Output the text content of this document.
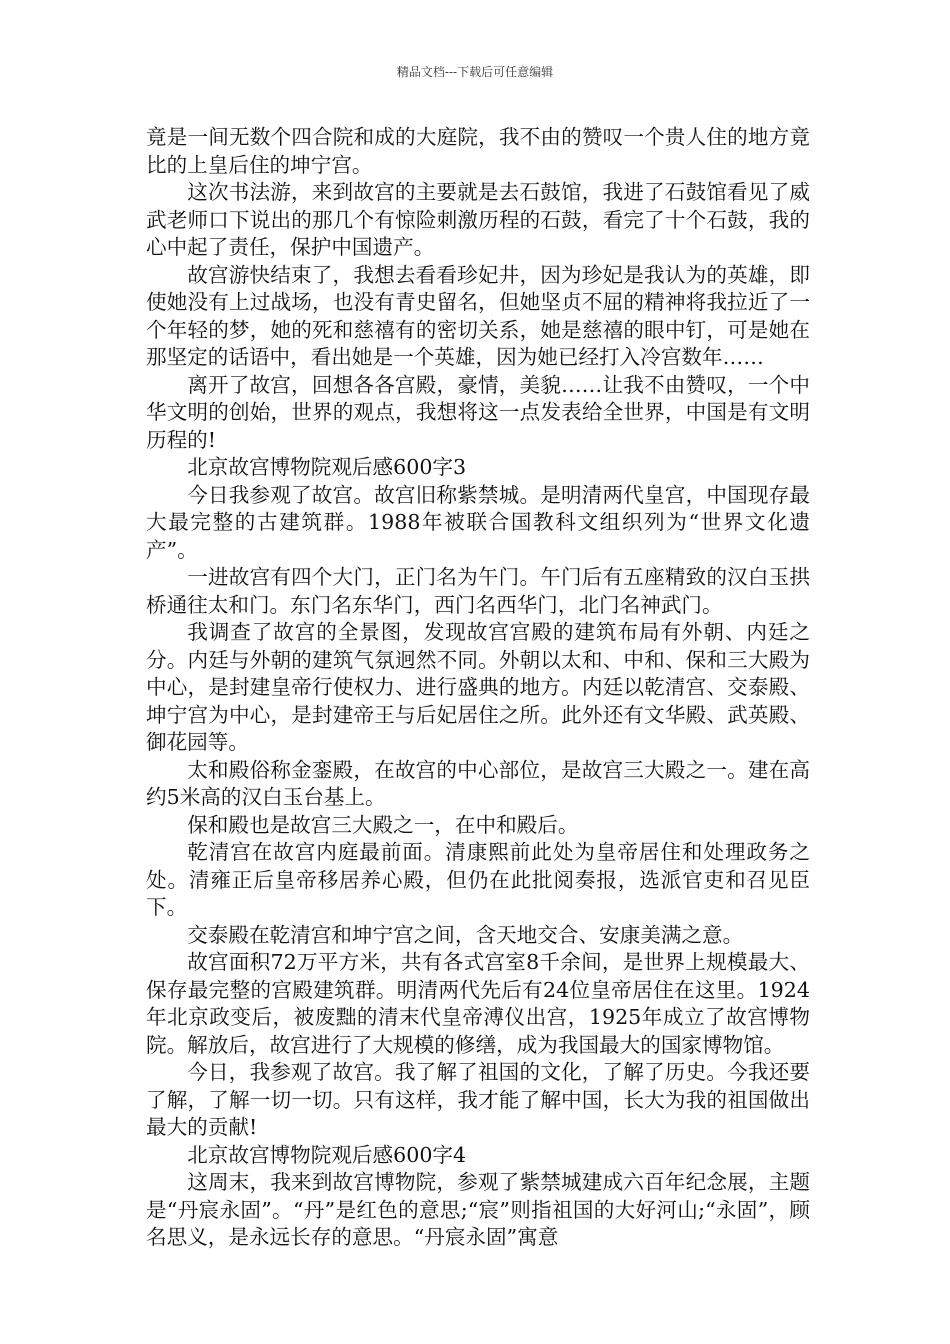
精品文档---下载后可任意编辑

竟是一间无数个四合院和成的大庭院，我不由的赞叹一个贵人住的地方竟比的上皇后住的坤宁宫。

这次书法游，来到故宫的主要就是去石鼓馆，我进了石鼓馆看见了威武老师口下说出的那几个有惊险刺激历程的石鼓，看完了十个石鼓，我的心中起了责任，保护中国遗产。

故宫游快结束了，我想去看看珍妃井，因为珍妃是我认为的英雄，即使她没有上过战场，也没有青史留名，但她坚贞不屈的精神将我拉近了一个年轻的梦，她的死和慈禧有的密切关系，她是慈禧的眼中钉，可是她在那坚定的话语中，看出她是一个英雄，因为她已经打入冷宫数年……

离开了故宫，回想各各宫殿，豪情，美貌……让我不由赞叹，一个中华文明的创始，世界的观点，我想将这一点发表给全世界，中国是有文明历程的!

北京故宫博物院观后感600字3

今日我参观了故宫。故宫旧称紫禁城。是明清两代皇宫，中国现存最大最完整的古建筑群。1988年被联合国教科文组织列为“世界文化遗产”。

一进故宫有四个大门，正门名为午门。午门后有五座精致的汉白玉拱桥通往太和门。东门名东华门，西门名西华门，北门名神武门。

我调查了故宫的全景图，发现故宫宫殿的建筑布局有外朝、内廷之分。内廷与外朝的建筑气氛迥然不同。外朝以太和、中和、保和三大殿为中心，是封建皇帝行使权力、进行盛典的地方。内廷以乾清宫、交泰殿、坤宁宫为中心，是封建帝王与后妃居住之所。此外还有文华殿、武英殿、御花园等。

太和殿俗称金銮殿，在故宫的中心部位，是故宫三大殿之一。建在高约5米高的汉白玉台基上。

保和殿也是故宫三大殿之一，在中和殿后。

乾清宫在故宫内庭最前面。清康熙前此处为皇帝居住和处理政务之处。清雍正后皇帝移居养心殿，但仍在此批阅奏报，选派官吏和召见臣下。

交泰殿在乾清宫和坤宁宫之间，含天地交合、安康美满之意。

故宫面积72万平方米，共有各式宫室8千余间，是世界上规模最大、保存最完整的宫殿建筑群。明清两代先后有24位皇帝居住在这里。1924年北京政变后，被废黜的清末代皇帝溥仪出宫，1925年成立了故宫博物院。解放后，故宫进行了大规模的修缮，成为我国最大的国家博物馆。

今日，我参观了故宫。我了解了祖国的文化，了解了历史。今我还要了解，了解一切一切。只有这样，我才能了解中国，长大为我的祖国做出最大的贡献!

北京故宫博物院观后感600字4

这周末，我来到故宫博物院，参观了紫禁城建成六百年纪念展，主题是“丹宸永固”。“丹”是红色的意思;“宸”则指祖国的大好河山;“永固”，顾名思义，是永远长存的意思。“丹宸永固”寓意
